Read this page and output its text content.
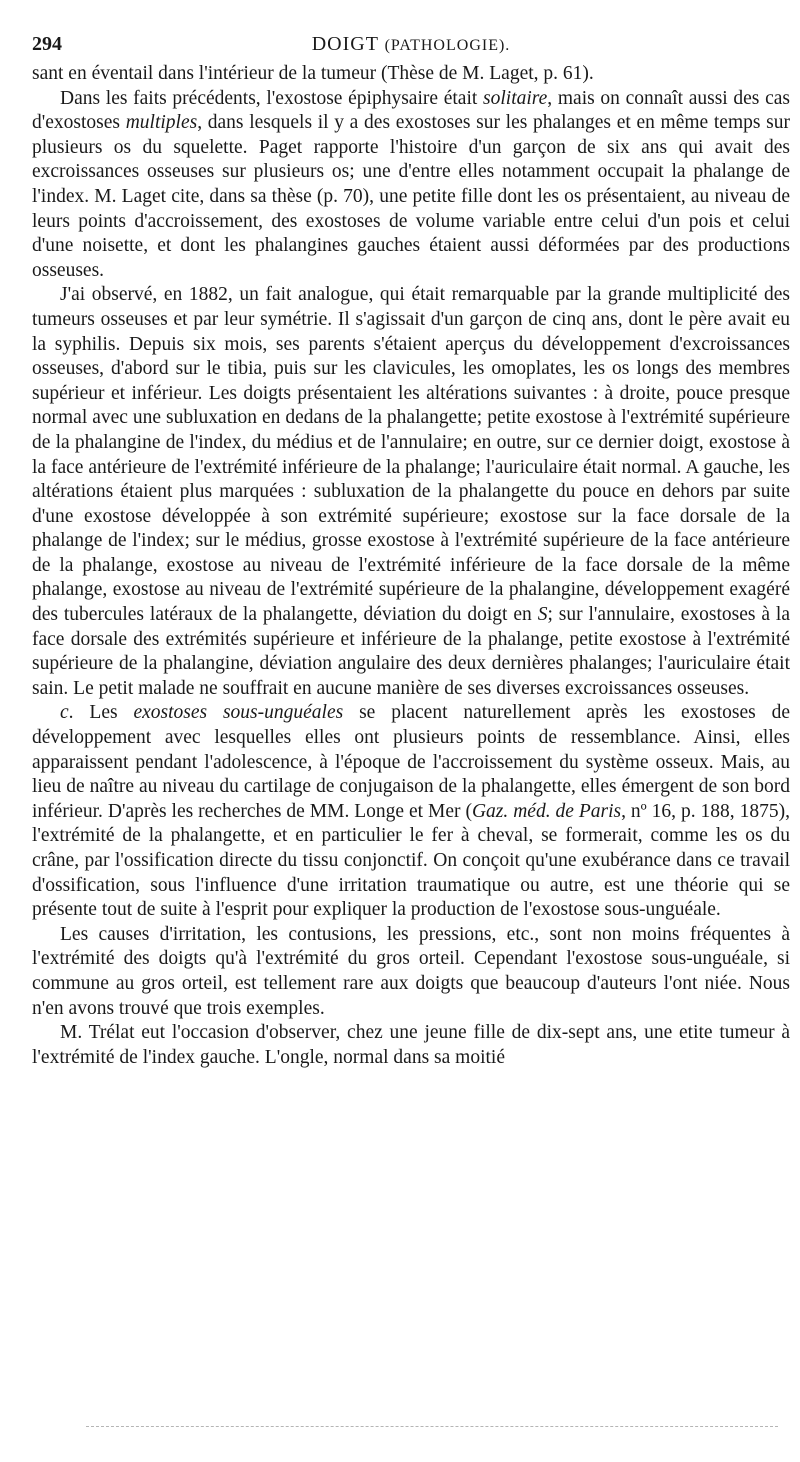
294	DOIGT (PATHOLOGIE).

sant en éventail dans l'intérieur de la tumeur (Thèse de M. Laget, p. 61).

Dans les faits précédents, l'exostose épiphysaire était solitaire, mais on connaît aussi des cas d'exostoses multiples, dans lesquels il y a des exostoses sur les phalanges et en même temps sur plusieurs os du squelette. Paget rapporte l'histoire d'un garçon de six ans qui avait des excroissances osseuses sur plusieurs os; une d'entre elles notamment occupait la phalange de l'index. M. Laget cite, dans sa thèse (p. 70), une petite fille dont les os présentaient, au niveau de leurs points d'accroissement, des exostoses de volume variable entre celui d'un pois et celui d'une noisette, et dont les phalangines gauches étaient aussi déformées par des productions osseuses.

J'ai observé, en 1882, un fait analogue, qui était remarquable par la grande multiplicité des tumeurs osseuses et par leur symétrie. Il s'agissait d'un garçon de cinq ans, dont le père avait eu la syphilis. Depuis six mois, ses parents s'étaient aperçus du développement d'excroissances osseuses, d'abord sur le tibia, puis sur les clavicules, les omoplates, les os longs des membres supérieur et inférieur. Les doigts présentaient les altérations suivantes : à droite, pouce presque normal avec une subluxation en dedans de la phalangette; petite exostose à l'extrémité supérieure de la phalangine de l'index, du médius et de l'annulaire; en outre, sur ce dernier doigt, exostose à la face antérieure de l'extrémité inférieure de la phalange; l'auriculaire était normal. A gauche, les altérations étaient plus marquées : subluxation de la phalangette du pouce en dehors par suite d'une exostose développée à son extrémité supérieure; exostose sur la face dorsale de la phalange de l'index; sur le médius, grosse exostose à l'extrémité supérieure de la face antérieure de la phalange, exostose au niveau de l'extrémité inférieure de la face dorsale de la même phalange, exostose au niveau de l'extrémité supérieure de la phalangine, développement exagéré des tubercules latéraux de la phalangette, déviation du doigt en S; sur l'annulaire, exostoses à la face dorsale des extrémités supérieure et inférieure de la phalange, petite exostose à l'extrémité supérieure de la phalangine, déviation angulaire des deux dernières phalanges; l'auriculaire était sain. Le petit malade ne souffrait en aucune manière de ses diverses excroissances osseuses.

c. Les exostoses sous-unguéales se placent naturellement après les exostoses de développement avec lesquelles elles ont plusieurs points de ressemblance. Ainsi, elles apparaissent pendant l'adolescence, à l'époque de l'accroissement du système osseux. Mais, au lieu de naître au niveau du cartilage de conjugaison de la phalangette, elles émergent de son bord inférieur. D'après les recherches de MM. Longe et Mer (Gaz. méd. de Paris, nº 16, p. 188, 1875), l'extrémité de la phalangette, et en particulier le fer à cheval, se formerait, comme les os du crâne, par l'ossification directe du tissu conjonctif. On conçoit qu'une exubérance dans ce travail d'ossification, sous l'influence d'une irritation traumatique ou autre, est une théorie qui se présente tout de suite à l'esprit pour expliquer la production de l'exostose sous-unguéale.

Les causes d'irritation, les contusions, les pressions, etc., sont non moins fréquentes à l'extrémité des doigts qu'à l'extrémité du gros orteil. Cependant l'exostose sous-unguéale, si commune au gros orteil, est tellement rare aux doigts que beaucoup d'auteurs l'ont niée. Nous n'en avons trouvé que trois exemples.

M. Trélat eut l'occasion d'observer, chez une jeune fille de dix-sept ans, une etite tumeur à l'extrémité de l'index gauche. L'ongle, normal dans sa moitié
